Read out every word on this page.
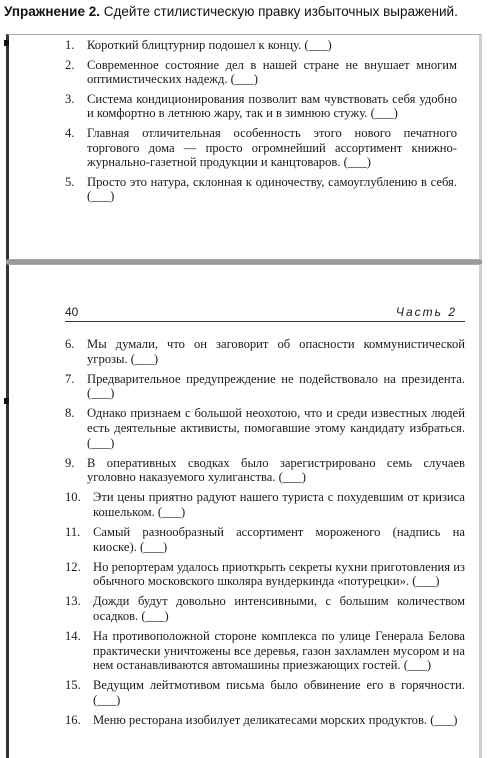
Упражнение 2. Сдейте стилистическую правку избыточных выражений.
1. Короткий блицтурнир подошел к концу. (___)
2. Современное состояние дел в нашей стране не внушает многим оптимистических надежд. (___)
3. Система кондиционирования позволит вам чувствовать себя удобно и комфортно в летнюю жару, так и в зимнюю стужу. (___)
4. Главная отличительная особенность этого нового печатного торгового дома — просто огромнейший ассортимент книжно-журнально-газетной продукции и канцтоваров. (___)
5. Просто это натура, склонная к одиночеству, самоуглублению в себя. (___)
40	Часть 2
6. Мы думали, что он заговорит об опасности коммунистической угрозы. (___)
7. Предварительное предупреждение не подействовало на президента. (___)
8. Однако признаем с большой неохотою, что и среди известных людей есть деятельные активисты, помогавшие этому кандидату избраться. (___)
9. В оперативных сводках было зарегистрировано семь случаев уголовно наказуемого хулиганства. (___)
10. Эти цены приятно радуют нашего туриста с похудевшим от кризиса кошельком. (___)
11. Самый разнообразный ассортимент мороженого (надпись на киоске). (___)
12. Но репортерам удалось приоткрыть секреты кухни приготовления из обычного московского школяра вундеркинда «потурецки». (___)
13. Дожди будут довольно интенсивными, с большим количеством осадков. (___)
14. На противоположной стороне комплекса по улице Генерала Белова практически уничтожены все деревья, газон захламлен мусором и на нем останавливаются автомашины приезжающих гостей. (___)
15. Ведущим лейтмотивом письма было обвинение его в горячности. (___)
16. Меню ресторана изобилует деликатесами морских продуктов. (___)
